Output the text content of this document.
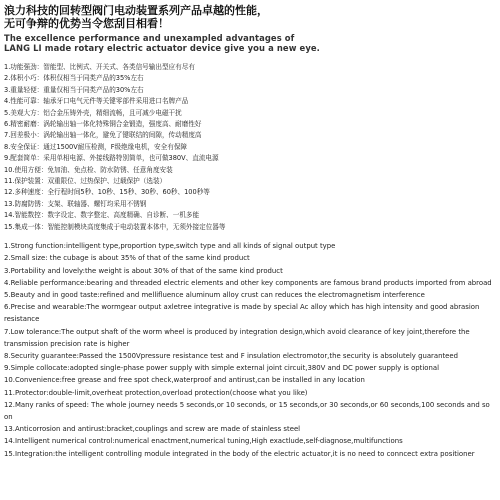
浪力科技的回转型阀门电动装置系列产品卓越的性能，

无可争辩的优势当令您刮目相看！

The excellence performance and unexampled advantages of

LANG LI made rotary electric actuator device give you a new eye.

1.功能强劲：智能型、比例式、开关式、各类信号输出型应有尽有
2.体积小巧：体积仅相当于同类产品的35%左右
3.重量轻便：重量仅相当于同类产品的30%左右
4.性能可靠：轴承牙口电气元件等关键零部件采用进口名牌产品
5.美观大方：铝合金压铸外壳，精细流畅，且可减少电磁干扰
6.精密耐磨：涡轮输出轴一体化特殊铜合金锻造，强度高、耐磨性好
7.回差极小：涡轮输出轴一体化，避免了键联结的间隙，传动精度高
8.安全保证：通过1500V耐压检测，F级绝缘电机，安全有保障
9.配套简单：采用单相电源、外接线路特别简单，也可做380V、直流电源
10.使用方便：免加油、免点检、防水防锈、任意角度安装
11.保护装置：双重限位、过热保护、过载保护（选装）
12.多种速度：全行程时间5秒、10秒、15秒、30秒、60秒、100秒等
13.防腐防锈：支架、联轴器、螺钉均采用不锈钢
14.智能数控：数字设定、数字整定、高度精确、自诊断、一机多能
15.集成一体：智能控制模块高度集成于电动装置本体中，无须外接定位器等
1.Strong function:intelligent type,proportion type,switch type and all kinds of signal output type
2.Small size: the cubage is about 35% of that of the same kind product
3.Portability and lovely:the weight is about 30% of that of the same kind product
4.Reliable performance:bearing and threaded electric elements and other key components are famous brand products imported from abroad
5.Beauty and in good taste:refined and mellifluence aluminum alloy crust can reduces the electromagnetism interference
6.Precise and wearable:The wormgear output axletree integrative is made by special Ac alloy which has high intensity and good abrasion resistance
7.Low tolerance:The output shaft of the worm wheel is produced by integration design,which avoid clearance of key joint,therefore the transmission precision rate is higher
8.Security guarantee:Passed the 1500Vpressure resistance test and F insulation electromotor,the security is absolutely guaranteed
9.Simple collocate:adopted single-phase power supply with simple external joint circuit,380V and DC power supply is optional
10.Convenience:free grease and free spot check,waterproof and antirust,can be installed in any location
11.Protector:double-limit,overheat protection,overload protection(choose what you like)
12.Many ranks of speed: The whole journey needs 5 seconds,or 10 seconds, or 15 seconds,or 30 seconds,or 60 seconds,100 seconds and so on
13.Anticorrosion and antirust:bracket,couplings and screw are made of stainless steel
14.Intelligent numerical control:numerical enactment,numerical tuning,High exactlude,self-diagnose,multifunctions
15.Integration:the intelligent controlling module integrated in the body of the electric actuator,it is no need to conncect extra positioner
